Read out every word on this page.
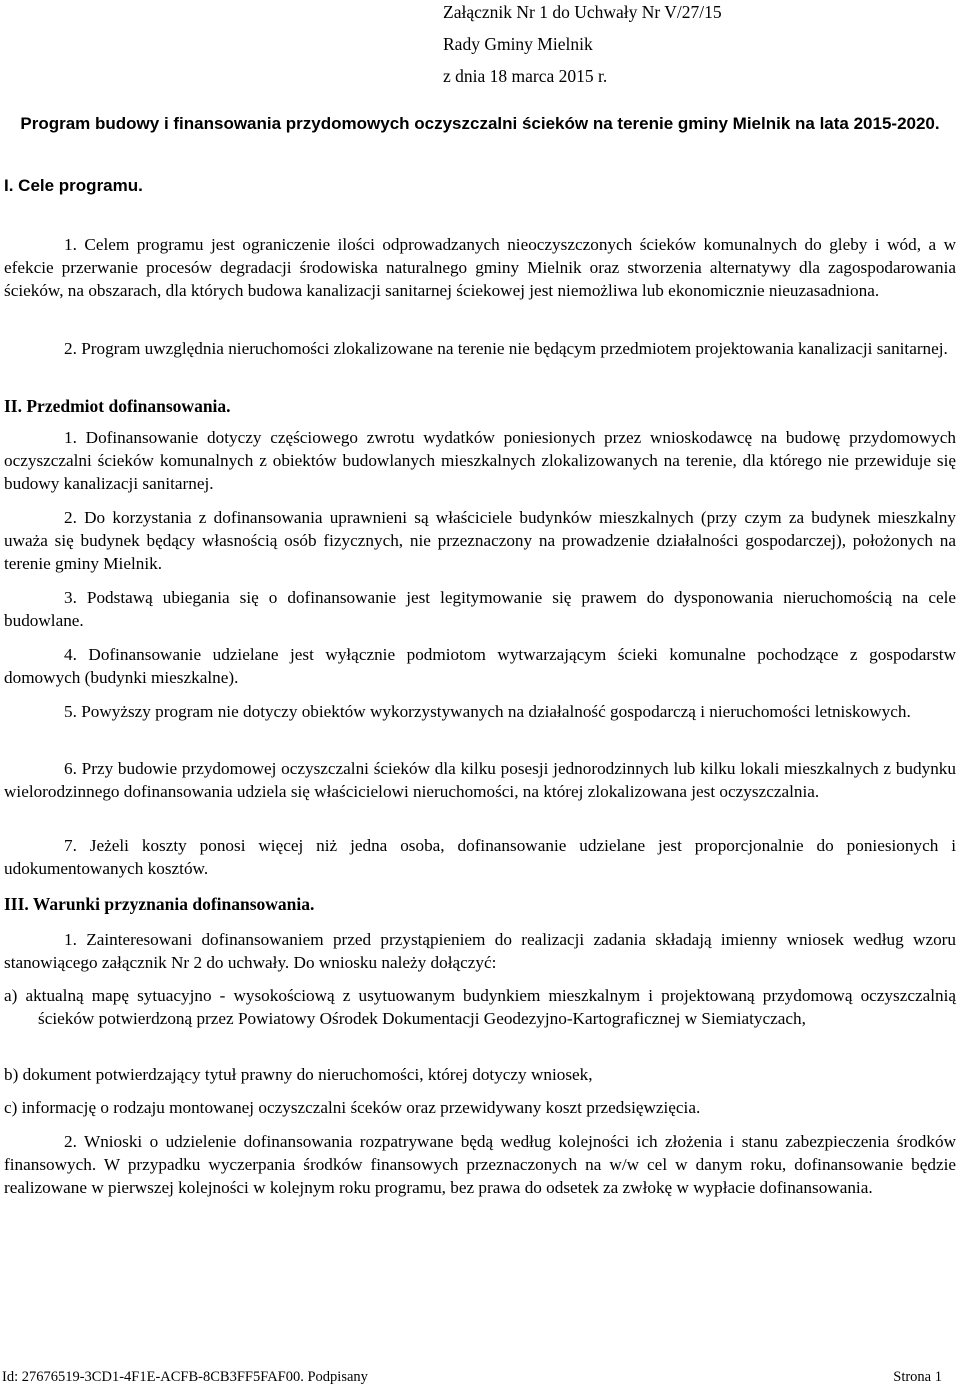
Załącznik Nr 1 do Uchwały Nr V/27/15
Rady Gminy Mielnik
z dnia 18 marca 2015 r.
Program budowy i finansowania przydomowych oczyszczalni ścieków na terenie gminy Mielnik na lata 2015-2020.
I. Cele programu.
1. Celem programu jest ograniczenie ilości odprowadzanych nieoczyszczonych ścieków komunalnych do gleby i wód, a w efekcie przerwanie procesów degradacji środowiska naturalnego gminy Mielnik oraz stworzenia alternatywy dla zagospodarowania ścieków, na obszarach, dla których budowa kanalizacji sanitarnej ściekowej jest niemożliwa lub ekonomicznie nieuzasadniona.
2. Program uwzględnia nieruchomości zlokalizowane na terenie nie będącym przedmiotem projektowania kanalizacji sanitarnej.
II. Przedmiot dofinansowania.
1. Dofinansowanie dotyczy częściowego zwrotu wydatków poniesionych przez wnioskodawcę na budowę przydomowych oczyszczalni ścieków komunalnych z obiektów budowlanych mieszkalnych zlokalizowanych na terenie, dla którego nie przewiduje się budowy kanalizacji sanitarnej.
2. Do korzystania z dofinansowania uprawnieni są właściciele budynków mieszkalnych (przy czym za budynek mieszkalny uważa się budynek będący własnością osób fizycznych, nie przeznaczony na prowadzenie działalności gospodarczej), położonych na terenie gminy Mielnik.
3. Podstawą ubiegania się o dofinansowanie jest legitymowanie się prawem do dysponowania nieruchomością na cele budowlane.
4. Dofinansowanie udzielane jest wyłącznie podmiotom wytwarzającym ścieki komunalne pochodzące z gospodarstw domowych (budynki mieszkalne).
5. Powyższy program nie dotyczy obiektów wykorzystywanych na działalność gospodarczą i nieruchomości letniskowych.
6. Przy budowie przydomowej oczyszczalni ścieków dla kilku posesji jednorodzinnych lub kilku lokali mieszkalnych z budynku wielorodzinnego dofinansowania udziela się właścicielowi nieruchomości, na której zlokalizowana jest oczyszczalnia.
7. Jeżeli koszty ponosi więcej niż jedna osoba, dofinansowanie udzielane jest proporcjonalnie do poniesionych i udokumentowanych kosztów.
III. Warunki przyznania dofinansowania.
1. Zainteresowani dofinansowaniem przed przystąpieniem do realizacji zadania składają imienny wniosek według wzoru stanowiącego załącznik Nr 2 do uchwały. Do wniosku należy dołączyć:
a) aktualną mapę sytuacyjno - wysokościową z usytuowanym budynkiem mieszkalnym i projektowaną przydomową oczyszczalnią ścieków potwierdzoną przez Powiatowy Ośrodek Dokumentacji Geodezyjno-Kartograficznej w Siemiatyczach,
b) dokument potwierdzający tytuł prawny do nieruchomości, której dotyczy wniosek,
c) informację o rodzaju montowanej oczyszczalni śceków oraz przewidywany koszt przedsięwzięcia.
2. Wnioski o udzielenie dofinansowania rozpatrywane będą według kolejności ich złożenia i stanu zabezpieczenia środków finansowych. W przypadku wyczerpania środków finansowych przeznaczonych na w/w cel w danym roku, dofinansowanie będzie realizowane w pierwszej kolejności w kolejnym roku programu, bez prawa do odsetek za zwłokę w wypłacie dofinansowania.
Id: 27676519-3CD1-4F1E-ACFB-8CB3FF5FAF00. Podpisany	Strona 1
